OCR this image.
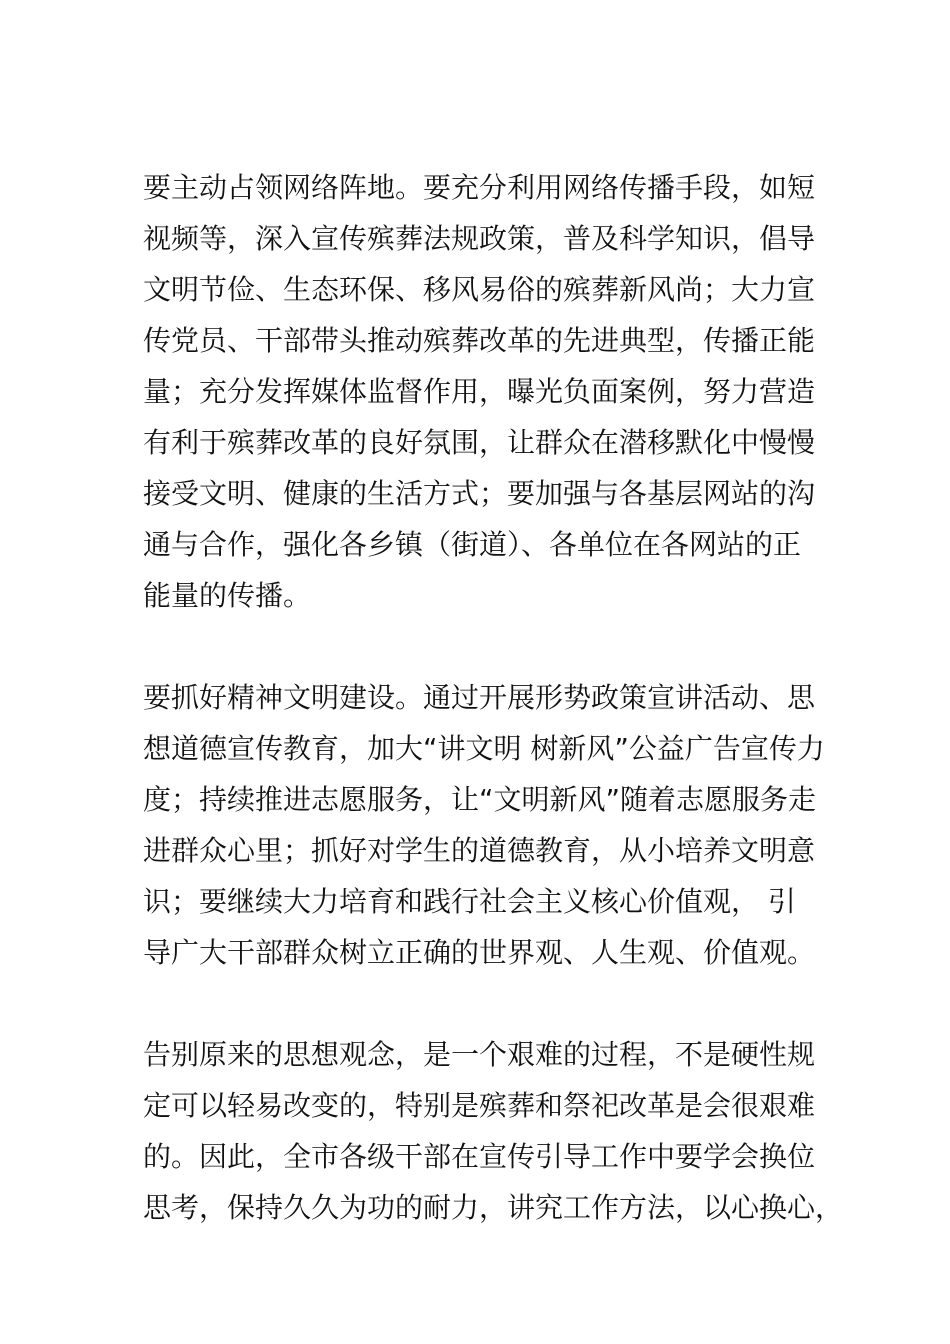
要主动占领网络阵地。要充分利用网络传播手段，如短
视频等，深入宣传殡葬法规政策，普及科学知识，倡导
文明节俭、生态环保、移风易俗的殡葬新风尚；大力宣
传党员、干部带头推动殡葬改革的先进典型，传播正能
量；充分发挥媒体监督作用，曝光负面案例，努力营造
有利于殡葬改革的良好氛围，让群众在潜移默化中慢慢
接受文明、健康的生活方式；要加强与各基层网站的沟
通与合作，强化各乡镇（街道）、各单位在各网站的正
能量的传播。
要抓好精神文明建设。通过开展形势政策宣讲活动、思
想道德宣传教育，加大“讲文明 树新风”公益广告宣传力
度；持续推进志愿服务，让“文明新风”随着志愿服务走
进群众心里；抓好对学生的道德教育，从小培养文明意
识；要继续大力培育和践行社会主义核心价值观， 引
导广大干部群众树立正确的世界观、人生观、价值观。
告别原来的思想观念，是一个艰难的过程，不是硬性规
定可以轻易改变的，特别是殡葬和祭祀改革是会很艰难
的。因此，全市各级干部在宣传引导工作中要学会换位
思考，保持久久为功的耐力，讲究工作方法，以心换心，
